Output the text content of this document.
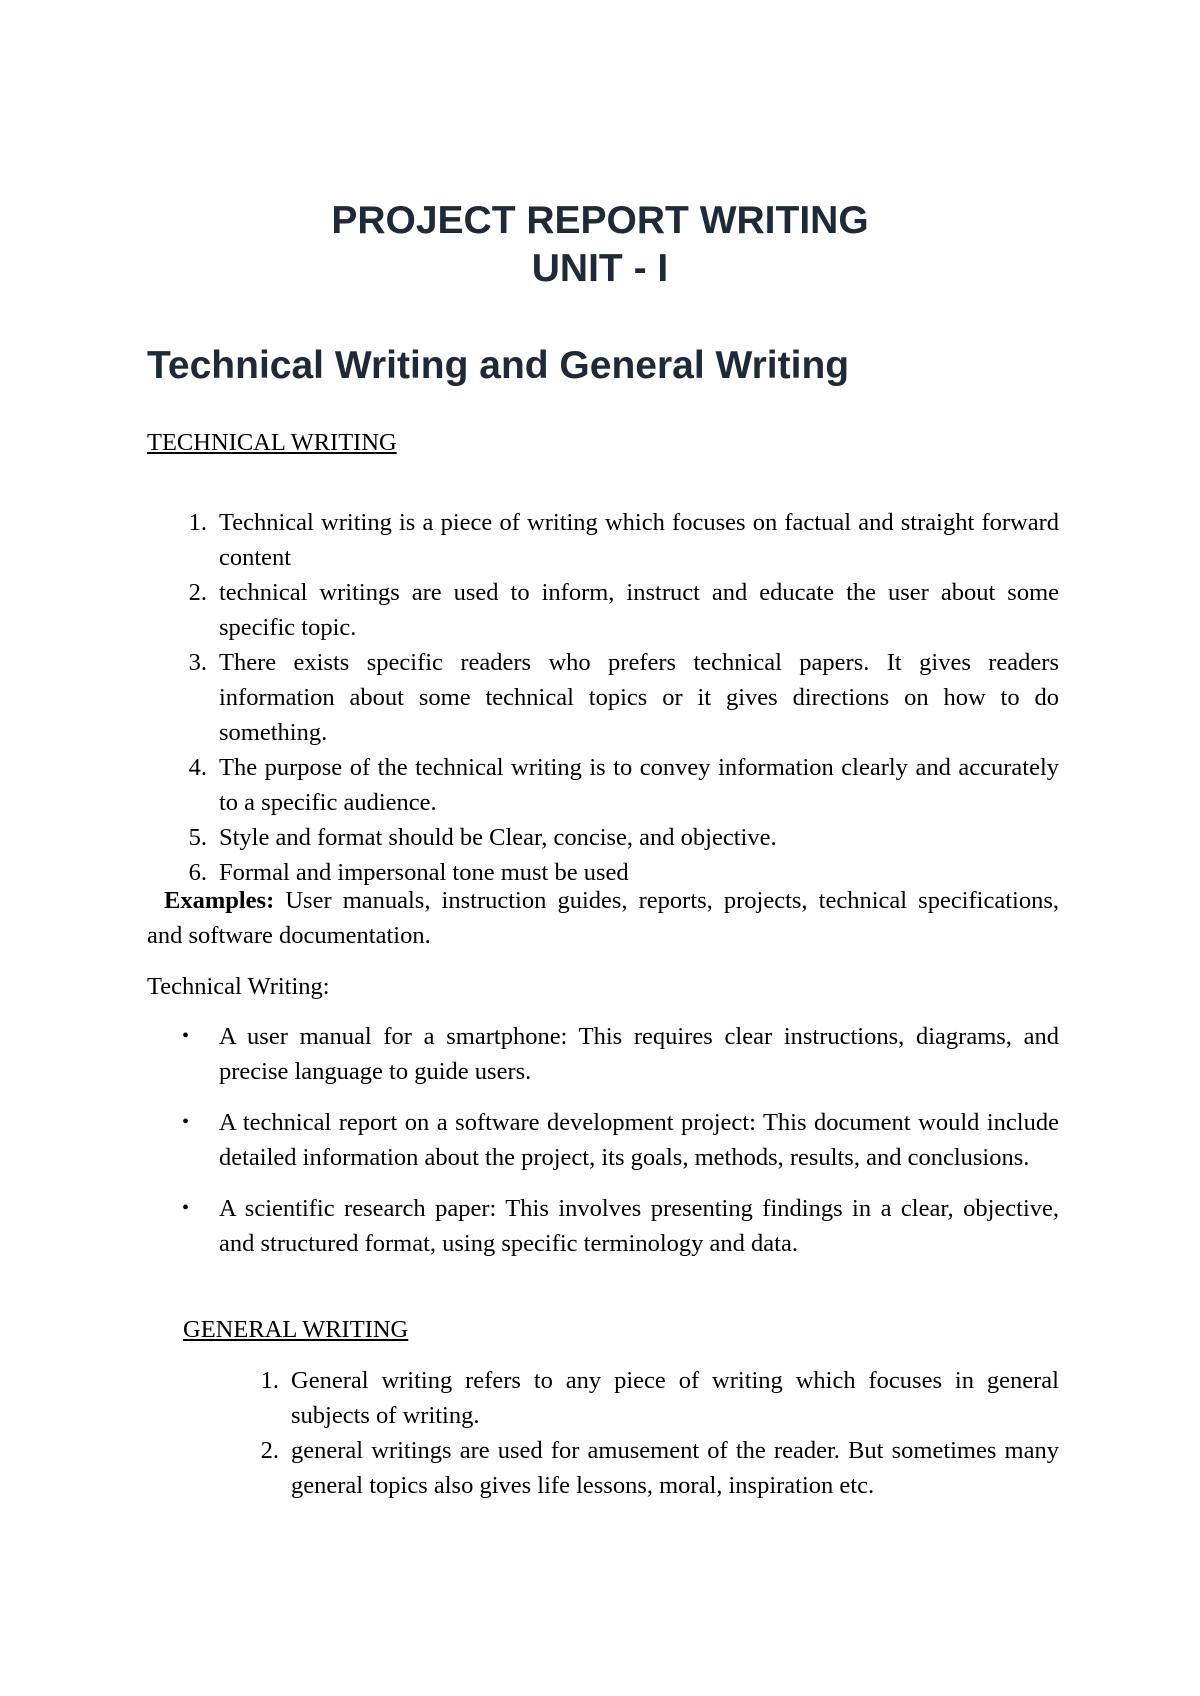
PROJECT REPORT WRITING
UNIT - I
Technical Writing and General Writing

TECHNICAL WRITING

1. Technical writing is a piece of writing which focuses on factual and straight forward content
2. technical writings are used to inform, instruct and educate the user about some specific topic.
3. There exists specific readers who prefers technical papers. It gives readers information about some technical topics or it gives directions on how to do something.
4. The purpose of the technical writing is to convey information clearly and accurately to a specific audience.
5. Style and format should be Clear, concise, and objective.
6. Formal and impersonal tone must be used

Examples: User manuals, instruction guides, reports, projects, technical specifications, and software documentation.

Technical Writing:

• A user manual for a smartphone: This requires clear instructions, diagrams, and precise language to guide users.
• A technical report on a software development project: This document would include detailed information about the project, its goals, methods, results, and conclusions.
• A scientific research paper: This involves presenting findings in a clear, objective, and structured format, using specific terminology and data.

GENERAL WRITING

1. General writing refers to any piece of writing which focuses in general subjects of writing.
2. general writings are used for amusement of the reader. But sometimes many general topics also gives life lessons, moral, inspiration etc.
